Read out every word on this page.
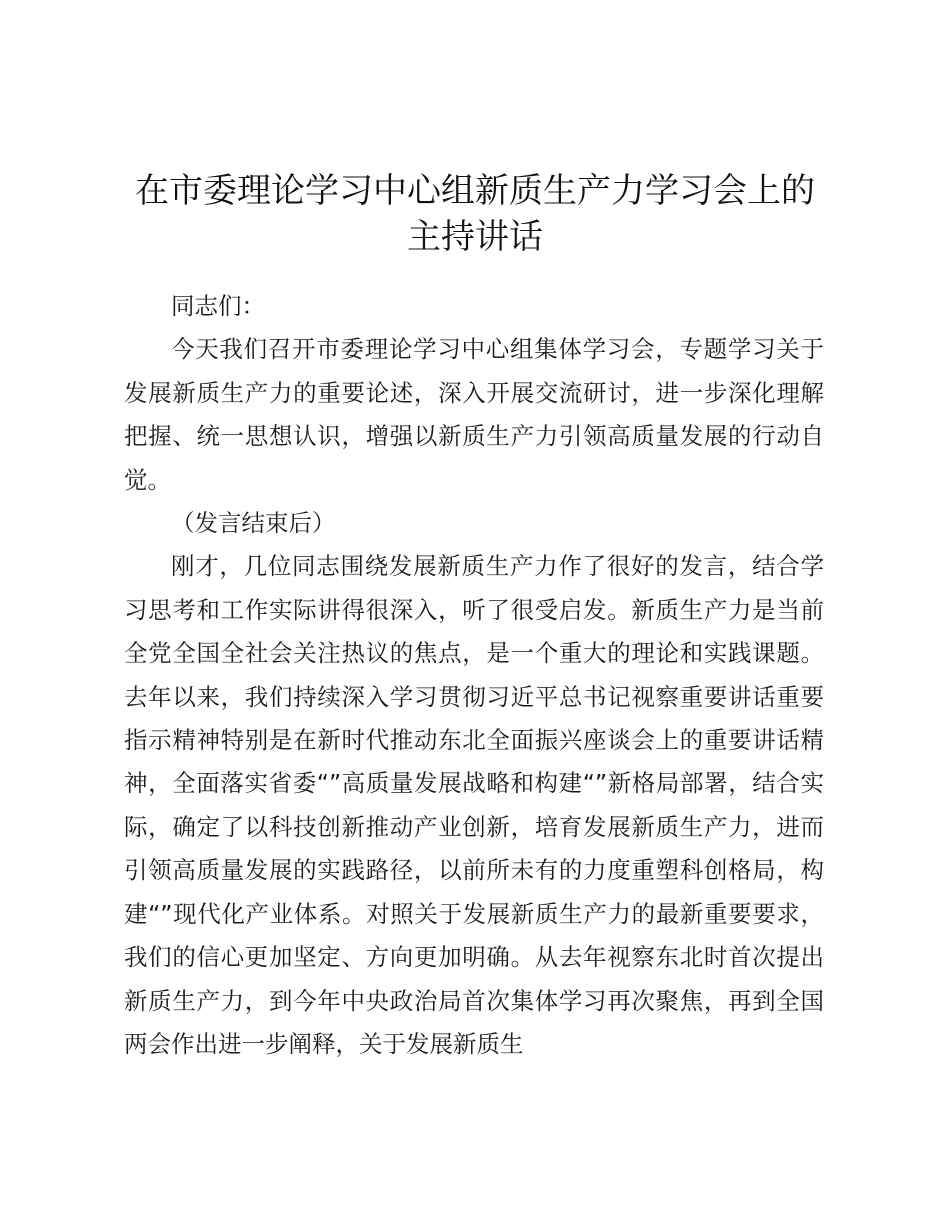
在市委理论学习中心组新质生产力学习会上的
主持讲话

同志们：

今天我们召开市委理论学习中心组集体学习会，专题学习关于发展新质生产力的重要论述，深入开展交流研讨，进一步深化理解把握、统一思想认识，增强以新质生产力引领高质量发展的行动自觉。

（发言结束后）

刚才，几位同志围绕发展新质生产力作了很好的发言，结合学习思考和工作实际讲得很深入，听了很受启发。新质生产力是当前全党全国全社会关注热议的焦点，是一个重大的理论和实践课题。去年以来，我们持续深入学习贯彻习近平总书记视察重要讲话重要指示精神特别是在新时代推动东北全面振兴座谈会上的重要讲话精神，全面落实省委“”高质量发展战略和构建“”新格局部署，结合实际，确定了以科技创新推动产业创新，培育发展新质生产力，进而引领高质量发展的实践路径，以前所未有的力度重塑科创格局，构建“”现代化产业体系。对照关于发展新质生产力的最新重要要求，我们的信心更加坚定、方向更加明确。从去年视察东北时首次提出新质生产力，到今年中央政治局首次集体学习再次聚焦，再到全国两会作出进一步阐释，关于发展新质生
